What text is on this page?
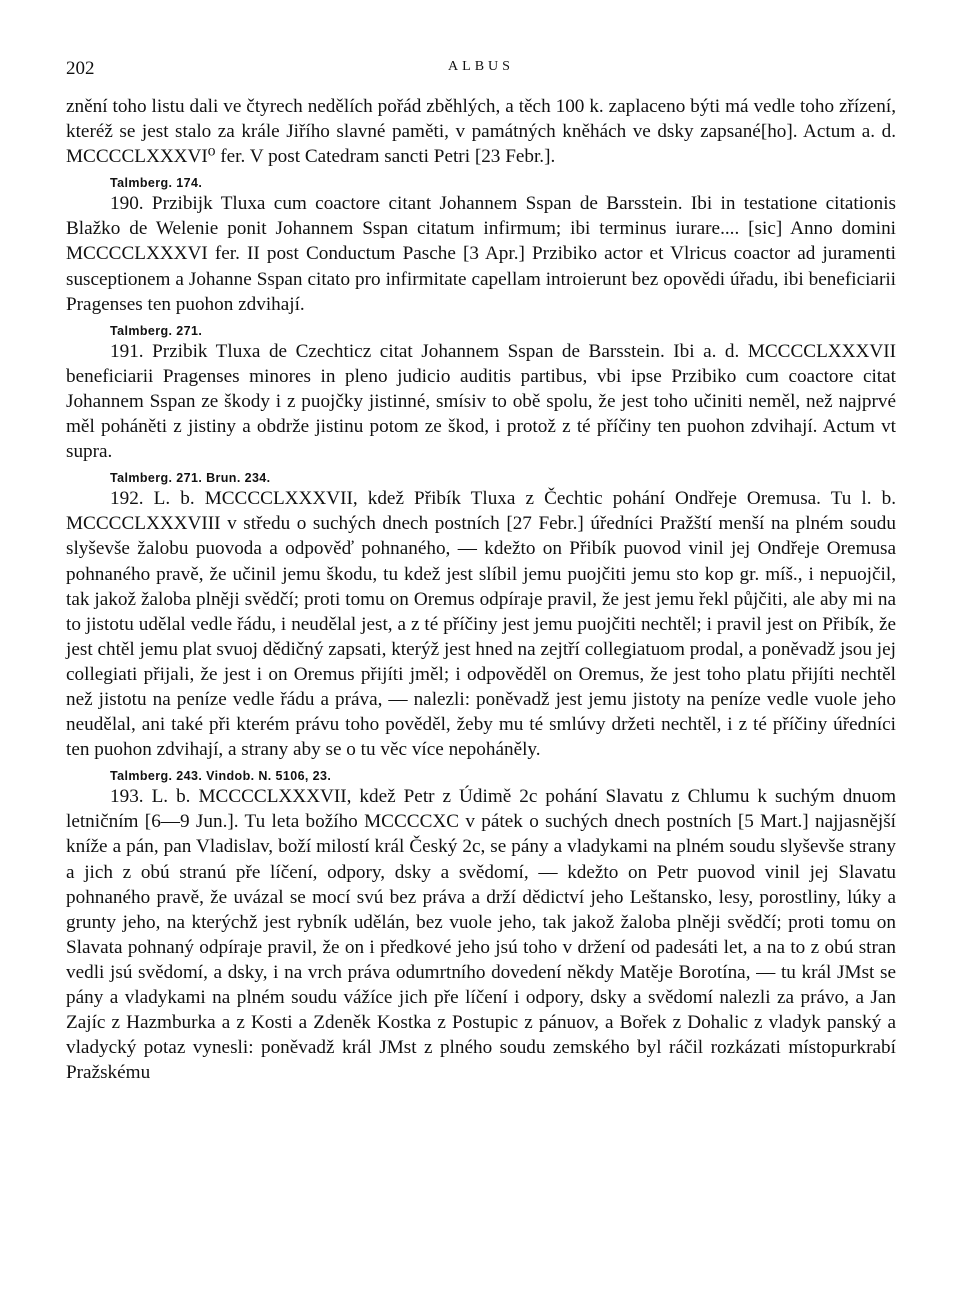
202	ALBUS

znění toho listu dali ve čtyrech nedělích pořád zběhlých, a těch 100 k. zaplaceno býti má vedle toho zřízení, kteréž se jest stalo za krále Jiřího slavné paměti, v památných kněhách ve dsky zapsané[ho]. Actum a. d. MCCCCLXXXVI⁰ fer. V post Catedram sancti Petri [23 Febr.].

Talmberg. 174.

190. Przibijk Tluxa cum coactore citant Johannem Sspan de Barsstein. Ibi in testatione citationis Blažko de Welenie ponit Johannem Sspan citatum infirmum; ibi terminus iurare.... [sic] Anno domini MCCCCLXXXVI fer. II post Conductum Pasche [3 Apr.] Przibiko actor et Vlricus coactor ad juramenti susceptionem a Johanne Sspan citato pro infirmitate capellam introierunt bez opovědi úřadu, ibi beneficiarii Pragenses ten puohon zdvihají.

Talmberg. 271.

191. Przibik Tluxa de Czechticz citat Johannem Sspan de Barsstein. Ibi a. d. MCCCCLXXXVII beneficiarii Pragenses minores in pleno judicio auditis partibus, vbi ipse Przibiko cum coactore citat Johannem Sspan ze škody i z puojčky jistinné, smísiv to obě spolu, že jest toho učiniti neměl, než najprvé měl poháněti z jistiny a obdrže jistinu potom ze škod, i protož z té příčiny ten puohon zdvihají. Actum vt supra.

Talmberg. 271. Brun. 234.

192. L. b. MCCCCLXXXVII, kdež Přibík Tluxa z Čechtic pohání Ondřeje Oremusa. Tu l. b. MCCCCLXXXVIII v středu o suchých dnech postních [27 Febr.] úředníci Pražští menší na plném soudu slyševše žalobu puovoda a odpověď pohnaného, — kdežto on Přibík puovod vinil jej Ondřeje Oremusa pohnaného pravě, že učinil jemu škodu, tu kdež jest slíbil jemu puojčiti jemu sto kop gr. míš., i nepuojčil, tak jakož žaloba plněji svědčí; proti tomu on Oremus odpíraje pravil, že jest jemu řekl půjčiti, ale aby mi na to jistotu udělal vedle řádu, i neudělal jest, a z té příčiny jest jemu puojčiti nechtěl; i pravil jest on Přibík, že jest chtěl jemu plat svuoj dědičný zapsati, kterýž jest hned na zejtří collegiatuom prodal, a poněvadž jsou jej collegiati přijali, že jest i on Oremus přijíti jměl; i odpověděl on Oremus, že jest toho platu přijíti nechtěl než jistotu na peníze vedle řádu a práva, — nalezli: poněvadž jest jemu jistoty na peníze vedle vuole jeho neudělal, ani také při kterém právu toho pověděl, žeby mu té smlúvy držeti nechtěl, i z té příčiny úředníci ten puohon zdvihají, a strany aby se o tu věc více nepoháněly.

Talmberg. 243. Vindob. N. 5106, 23.

193. L. b. MCCCCLXXXVII, kdež Petr z Údimě 2c pohání Slavatu z Chlumu k suchým dnuom letničním [6—9 Jun.]. Tu leta božího MCCCCXC v pátek o suchých dnech postních [5 Mart.] najjasnější kníže a pán, pan Vladislav, boží milostí král Český 2c, se pány a vladykami na plném soudu slyševše strany a jich z obú stranú pře líčení, odpory, dsky a svědomí, — kdežto on Petr puovod vinil jej Slavatu pohnaného pravě, že uvázal se mocí svú bez práva a drží dědictví jeho Leštansko, lesy, porostliny, lúky a grunty jeho, na kterýchž jest rybník udělán, bez vuole jeho, tak jakož žaloba plněji svědčí; proti tomu on Slavata pohnaný odpíraje pravil, že on i předkové jeho jsú toho v držení od padesáti let, a na to z obú stran vedli jsú svědomí, a dsky, i na vrch práva odumrtního dovedení někdy Matěje Borotína, — tu král JMst se pány a vladykami na plném soudu vážíce jich pře líčení i odpory, dsky a svědomí nalezli za právo, a Jan Zajíc z Hazmburka a z Kosti a Zdeněk Kostka z Postupic z pánuov, a Bořek z Dohalic z vladyk panský a vladycký potaz vynesli: poněvadž král JMst z plného soudu zemského byl ráčil rozkázati místopurkrabí Pražskému
